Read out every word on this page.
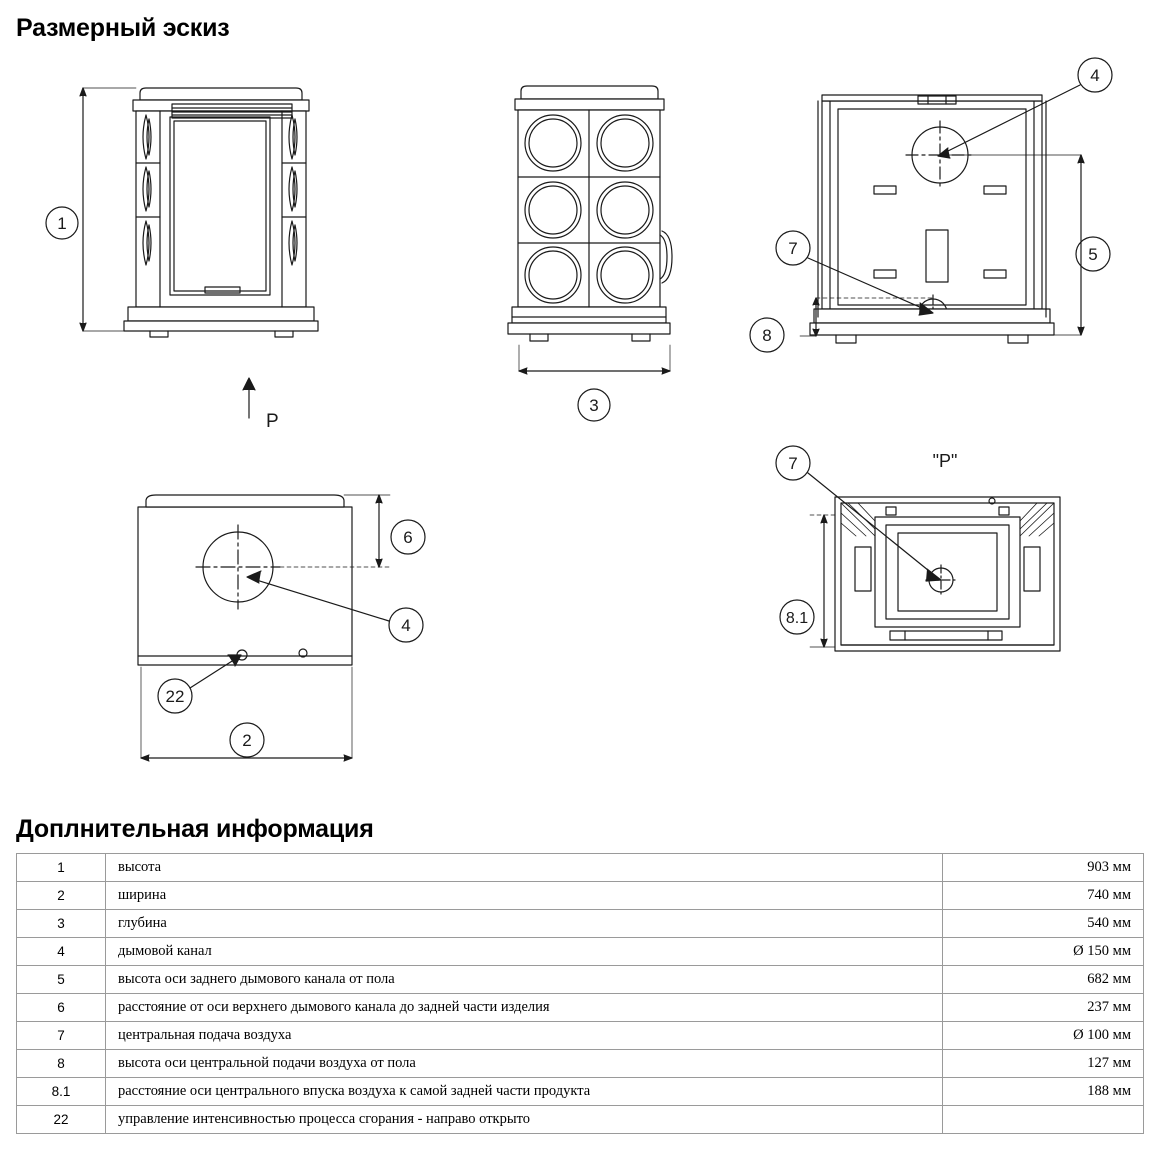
Размерный эскиз
1
P
3
4
7	5
8
4
22
6
2
"P"
8.1
7
Доплнительная информация
1	высота	903 мм
2	ширина	740 мм
3	глубина	540 мм
4	дымовой канал	Ø 150 мм
5	высота оси заднего дымового канала от пола	682 мм
6	расстояние от оси верхнего дымового канала до задней части изделия	237 мм
7	центральная подача воздуха	Ø 100 мм
8	высота оси центральной подачи воздуха от пола	127 мм
8.1	расстояние оси центрального впуска воздуха к самой задней части продукта	188 мм
22	управление интенсивностью процесса сгорания - направо открыто	
